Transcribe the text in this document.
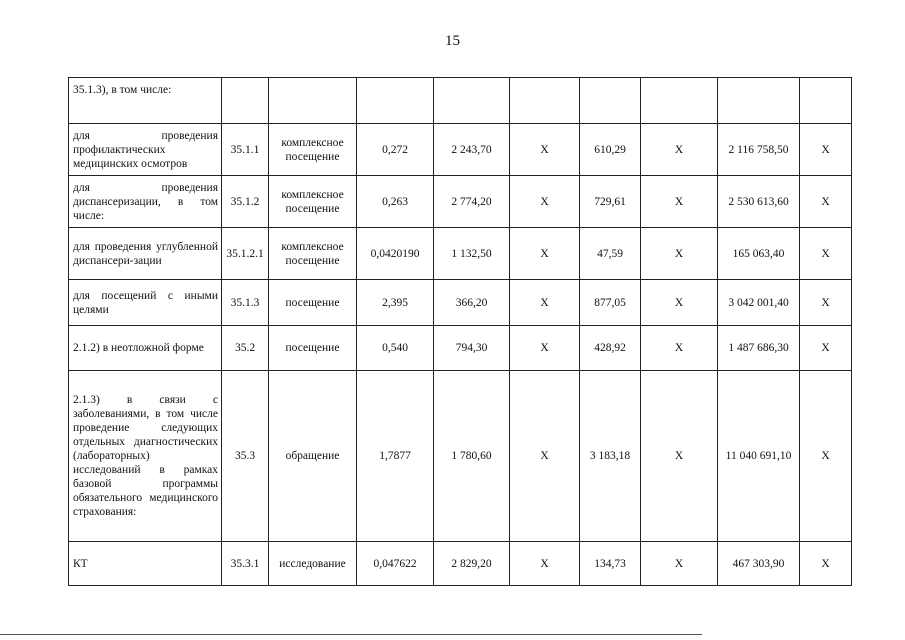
15
35.1.3), в том числе:									
для проведения профилактических медицинских осмотров	35.1.1	комплексное посещение	0,272	2 243,70	X	610,29	X	2 116 758,50	X
для проведения диспансеризации, в том числе:	35.1.2	комплексное посещение	0,263	2 774,20	X	729,61	X	2 530 613,60	X
для проведения углубленной диспансери-зации	35.1.2.1	комплексное посещение	0,0420190	1 132,50	X	47,59	X	165 063,40	X
для посещений с иными целями	35.1.3	посещение	2,395	366,20	X	877,05	X	3 042 001,40	X
2.1.2) в неотложной форме	35.2	посещение	0,540	794,30	X	428,92	X	1 487 686,30	X
2.1.3) в связи с заболеваниями, в том числе проведение следующих отдельных диагностических (лабораторных) исследований в рамках базовой программы обязательного медицинского страхования:	35.3	обращение	1,7877	1 780,60	X	3 183,18	X	11 040 691,10	X
КТ	35.3.1	исследование	0,047622	2 829,20	X	134,73	X	467 303,90	X
